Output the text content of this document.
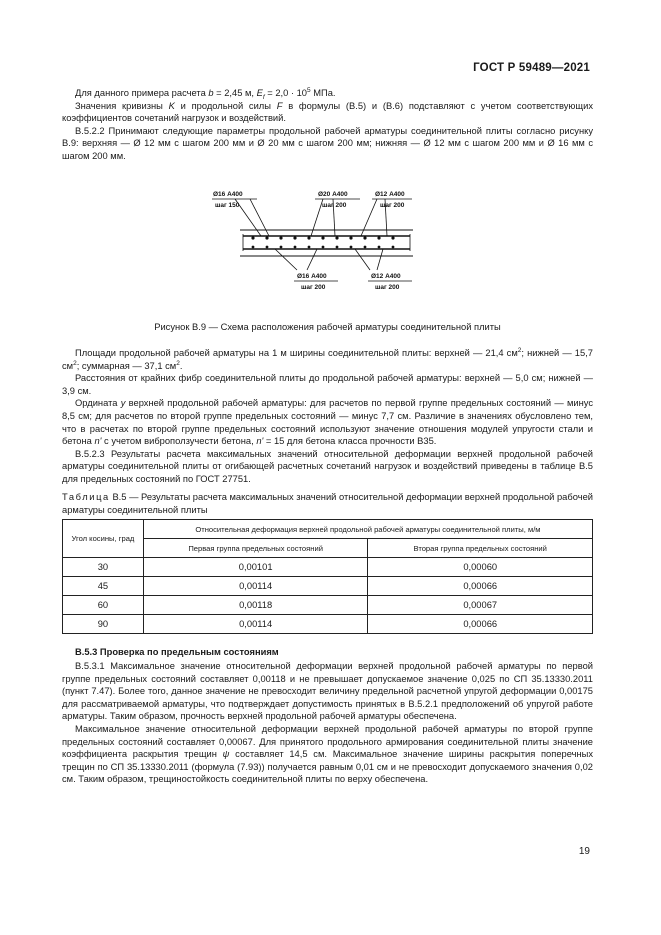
ГОСТ Р 59489—2021

Для данного примера расчета b = 2,45 м, $E_f = 2,0 \cdot 10^5$ МПа.

Значения кривизны K и продольной силы F в формулы (В.5) и (В.6) подставляют с учетом соответствующих коэффициентов сочетаний нагрузок и воздействий.

В.5.2.2 Принимают следующие параметры продольной рабочей арматуры соединительной плиты согласно рисунку В.9: верхняя — Ø 12 мм с шагом 200 мм и Ø 20 мм с шагом 200 мм; нижняя — Ø 12 мм с шагом 200 мм и Ø 16 мм с шагом 200 мм.

Ø16 А400
шаг 150
Ø20 А400
шаг 200
Ø12 А400
шаг 200
Ø16 А400
шаг 200
Ø12 А400
шаг 200
Рисунок В.9 — Схема расположения рабочей арматуры соединительной плиты

Площади продольной рабочей арматуры на 1 м ширины соединительной плиты: верхней — 21,4 $см^2$; нижней — 15,7 $см^2$; суммарная — 37,1 $см^2$.

Расстояния от крайних фибр соединительной плиты до продольной рабочей арматуры: верхней — 5,0 см; нижней — 3,9 см.

Ордината y верхней продольной рабочей арматуры: для расчетов по первой группе предельных состояний — минус 8,5 см; для расчетов по второй группе предельных состояний — минус 7,7 см. Различие в значениях обусловлено тем, что в расчетах по второй группе предельных состояний используют значение отношения модулей упругости стали и бетона n' с учетом виброползучести бетона, n' = 15 для бетона класса прочности В35.

В.5.2.3 Результаты расчета максимальных значений относительной деформации верхней продольной рабочей арматуры соединительной плиты от огибающей расчетных сочетаний нагрузок и воздействий приведены в таблице В.5 для предельных состояний по ГОСТ 27751.

Таблица В.5 — Результаты расчета максимальных значений относительной деформации верхней продольной рабочей арматуры соединительной плиты
Угол косины, град	Относительная деформация верхней продольной рабочей арматуры соединительной плиты, м/м	
	Первая группа предельных состояний	Вторая группа предельных состояний
30	0,00101	0,00060
45	0,00114	0,00066
60	0,00118	0,00067
90	0,00114	0,00066
В.5.3 Проверка по предельным состояниям

В.5.3.1 Максимальное значение относительной деформации верхней продольной рабочей арматуры по первой группе предельных состояний составляет 0,00118 и не превышает допускаемое значение 0,025 по СП 35.13330.2011 (пункт 7.47). Более того, данное значение не превосходит величину предельной расчетной упругой деформации 0,00175 для рассматриваемой арматуры, что подтверждает допустимость принятых в В.5.2.1 предположений об упругой работе арматуры. Таким образом, прочность верхней продольной рабочей арматуры обеспечена.

Максимальное значение относительной деформации верхней продольной рабочей арматуры по второй группе предельных состояний составляет 0,00067. Для принятого продольного армирования соединительной плиты значение коэффициента раскрытия трещин ψ составляет 14,5 см. Максимальное значение ширины раскрытия поперечных трещин по СП 35.13330.2011 (формула (7.93)) получается равным 0,01 см и не превосходит допускаемого значения 0,02 см. Таким образом, трещиностойкость соединительной плиты по верху обеспечена.

19
